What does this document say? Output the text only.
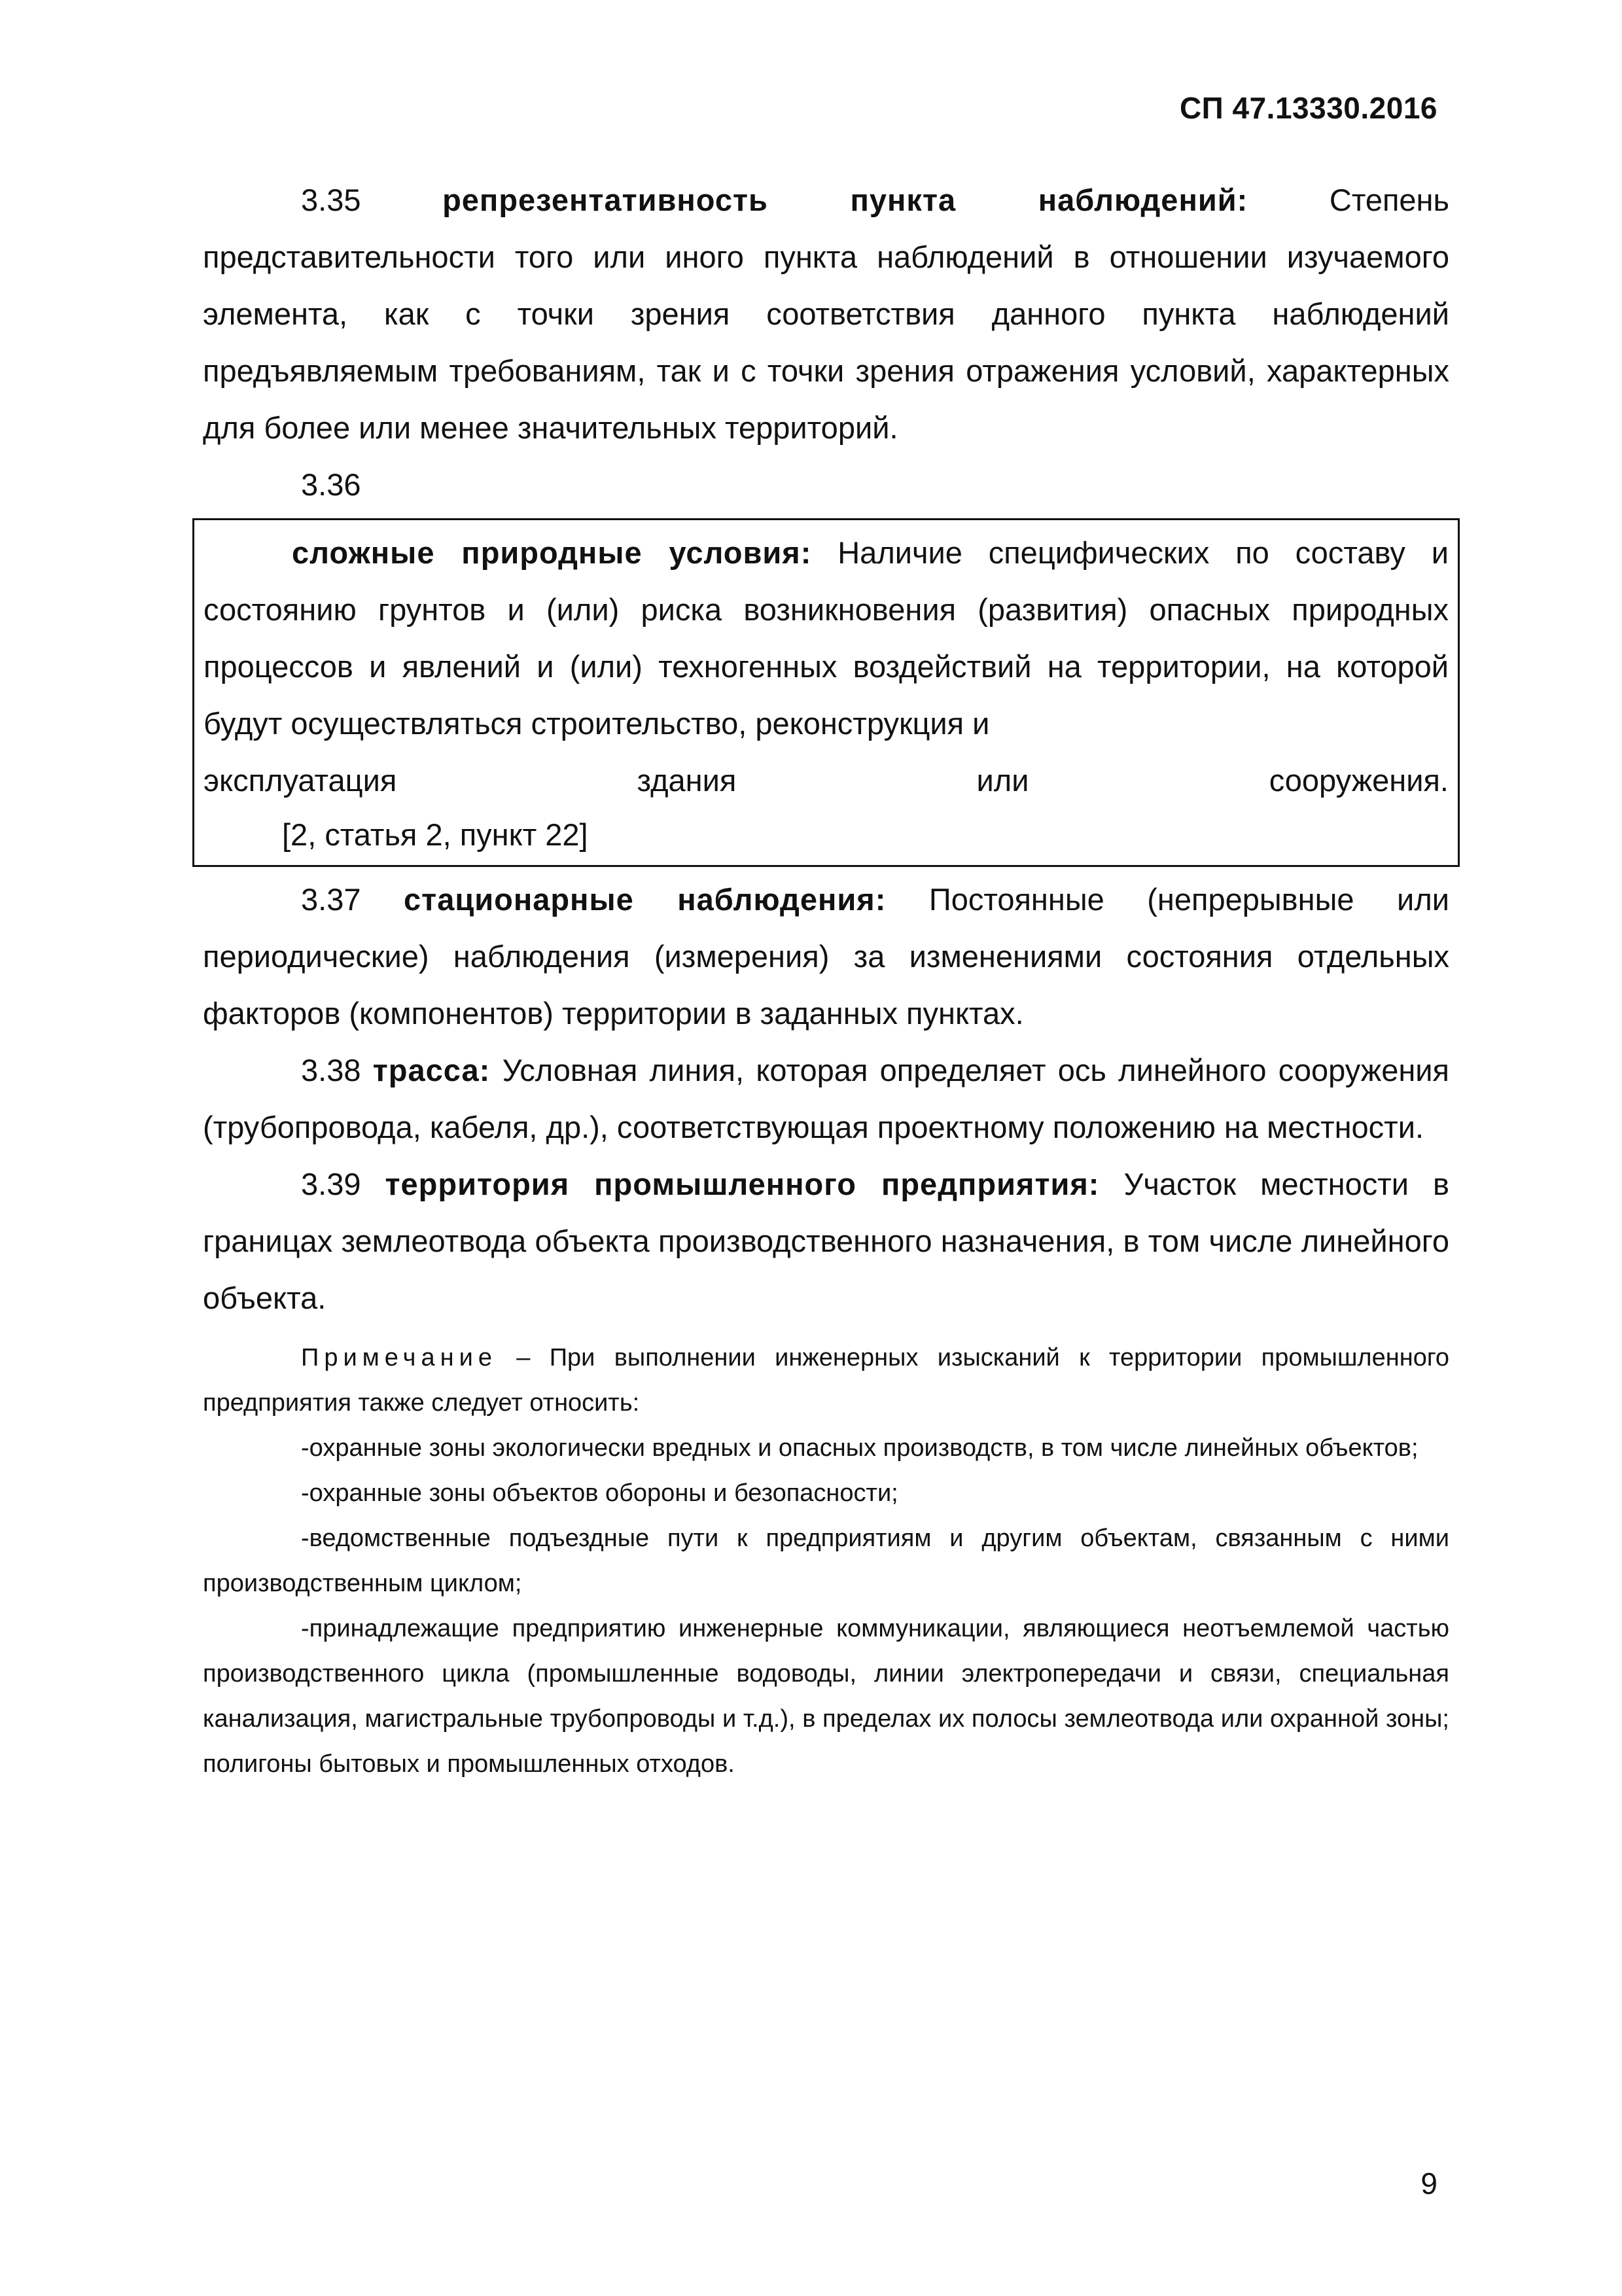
СП 47.13330.2016

3.35	репрезентативность пункта наблюдений:	Степень представительности того или иного пункта наблюдений в отношении изучаемого элемента, как с точки зрения соответствия данного пункта наблюдений предъявляемым требованиям, так и с точки зрения отражения условий, характерных для более или менее значительных территорий.

3.36

сложные природные условия: Наличие специфических по составу и состоянию грунтов и (или) риска возникновения (развития) опасных природных процессов и явлений и (или) техногенных воздействий на территории, на которой будут осуществляться строительство, реконструкция и

эксплуатация здания или сооружения.

[2, статья 2, пункт 22]

3.37 стационарные наблюдения: Постоянные (непрерывные или периодические) наблюдения (измерения) за изменениями состояния отдельных факторов (компонентов) территории в заданных пунктах.

3.38 трасса: Условная линия, которая определяет ось линейного сооружения (трубопровода, кабеля, др.), соответствующая проектному положению на местности.

3.39 территория промышленного предприятия: Участок местности в границах землеотвода объекта производственного назначения, в том числе линейного объекта.

Примечание – При выполнении инженерных изысканий к территории промышленного предприятия также следует относить:

-охранные зоны экологически вредных и опасных производств, в том числе линейных объектов;

-охранные зоны объектов обороны и безопасности;

-ведомственные подъездные пути к предприятиям и другим объектам, связанным с ними производственным циклом;

-принадлежащие предприятию инженерные коммуникации, являющиеся неотъемлемой частью производственного цикла (промышленные водоводы, линии электропередачи и связи, специальная канализация, магистральные трубопроводы и т.д.), в пределах их полосы землеотвода или охранной зоны; полигоны бытовых и промышленных отходов.

9
